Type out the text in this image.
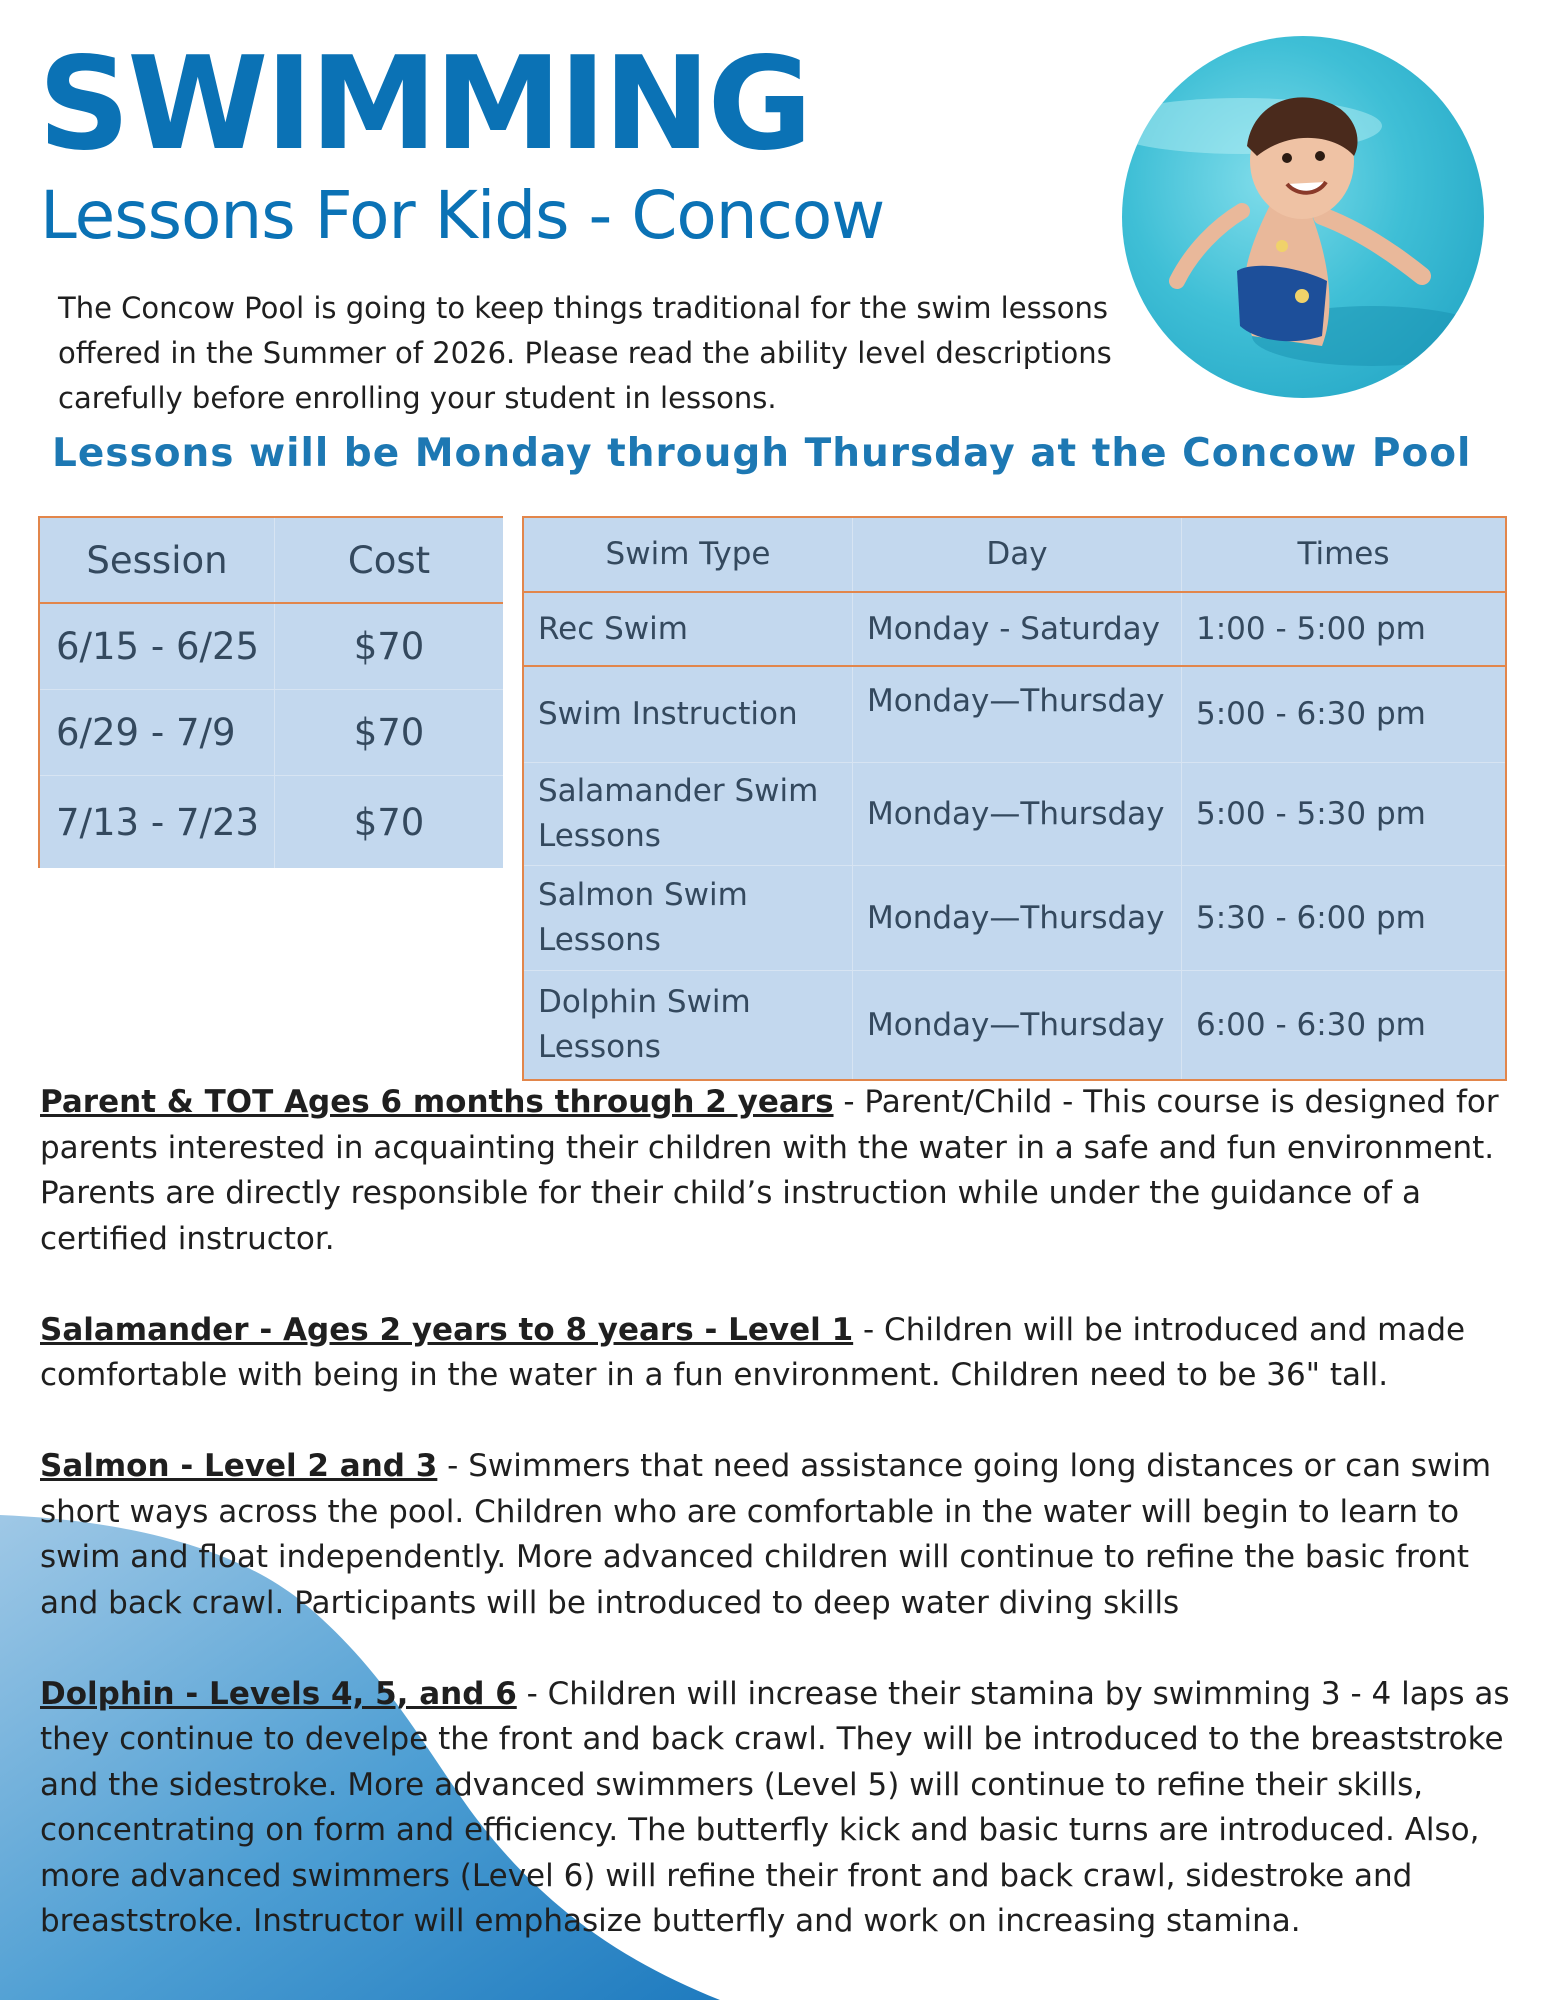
SWIMMING
Lessons For Kids - Concow

The Concow Pool is going to keep things traditional for the swim lessons offered in the Summer of 2026. Please read the ability level descriptions carefully before enrolling your student in lessons.

Lessons will be Monday through Thursday at the Concow Pool

Session	Cost
6/15 - 6/25	$70
6/29 - 7/9	$70
7/13 - 7/23	$70
Swim Type	Day	Times
Rec Swim	Monday - Saturday	1:00 - 5:00 pm
Swim Instruction	Monday—Thursday	5:00 - 6:30 pm
Salamander Swim Lessons	Monday—Thursday	5:00 - 5:30 pm
Salmon Swim Lessons	Monday—Thursday	5:30 - 6:00 pm
Dolphin Swim Lessons	Monday—Thursday	6:00 - 6:30 pm

Parent & TOT Ages 6 months through 2 years - Parent/Child - This course is designed for parents interested in acquainting their children with the water in a safe and fun environment. Parents are directly responsible for their child’s instruction while under the guidance of a certified instructor.

Salamander - Ages 2 years to 8 years - Level 1 - Children will be introduced and made comfortable with being in the water in a fun environment. Children need to be 36" tall.

Salmon - Level 2 and 3 - Swimmers that need assistance going long distances or can swim short ways across the pool. Children who are comfortable in the water will begin to learn to swim and float independently. More advanced children will continue to refine the basic front and back crawl. Participants will be introduced to deep water diving skills

Dolphin - Levels 4, 5, and 6 - Children will increase their stamina by swimming 3 - 4 laps as they continue to develpe the front and back crawl. They will be introduced to the breaststroke and the sidestroke. More advanced swimmers (Level 5) will continue to refine their skills, concentrating on form and efficiency. The butterfly kick and basic turns are introduced. Also, more advanced swimmers (Level 6) will refine their front and back crawl, sidestroke and breaststroke. Instructor will emphasize butterfly and work on increasing stamina.
